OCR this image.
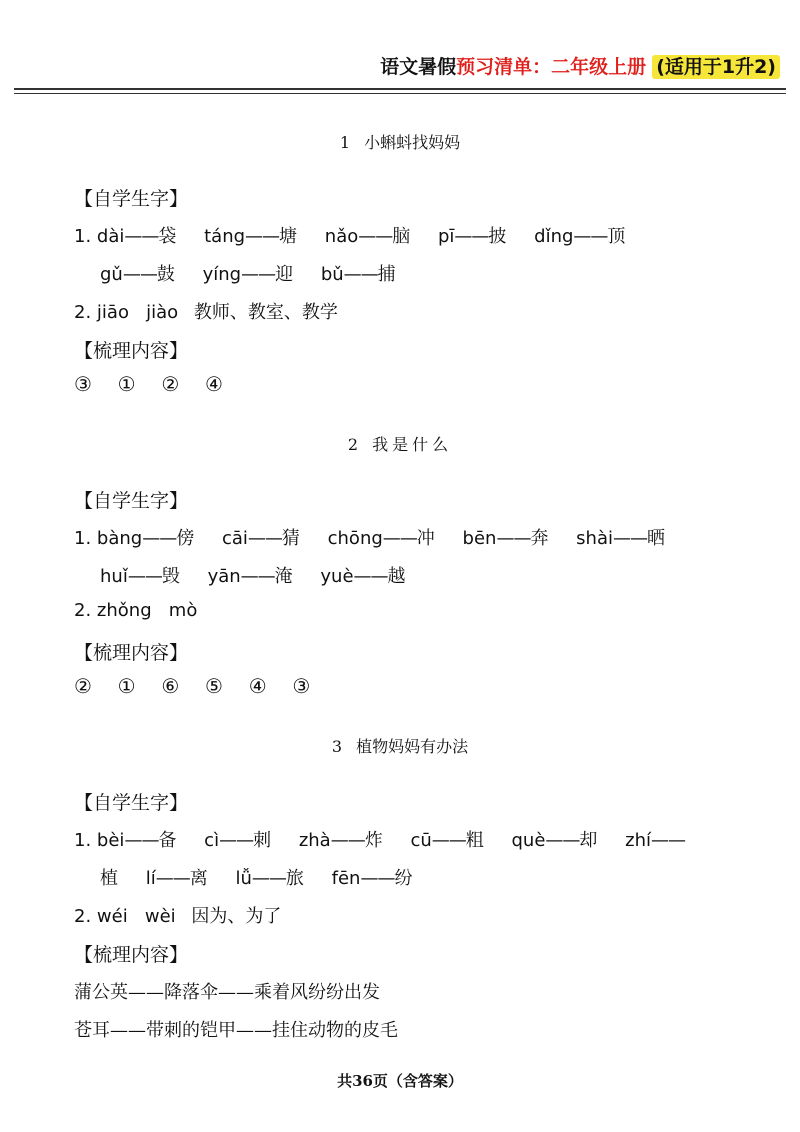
语文暑假预习清单：二年级上册 (适用于1升2)
1 小蝌蚪找妈妈
【自学生字】
1. dài——袋 táng——塘 nǎo——脑 pī——披 dǐng——顶
gǔ——鼓 yíng——迎 bǔ——捕
2. jiāo   jiào 教师、教室、教学
【梳理内容】
③ ① ② ④
2 我是什么
【自学生字】
1. bàng——傍 cāi——猜 chōng——冲 bēn——奔 shài——晒
huǐ——毁 yān——淹 yuè——越
2. zhǒng   mò
【梳理内容】
② ① ⑥ ⑤ ④ ③
3 植物妈妈有办法
【自学生字】
1. bèi——备 cì——刺 zhà——炸 cū——粗 què——却 zhí——
植 lí——离 lǚ——旅 fēn——纷
2. wéi   wèi 因为、为了
【梳理内容】
蒲公英——降落伞——乘着风纷纷出发
苍耳——带刺的铠甲——挂住动物的皮毛
共36页（含答案）
